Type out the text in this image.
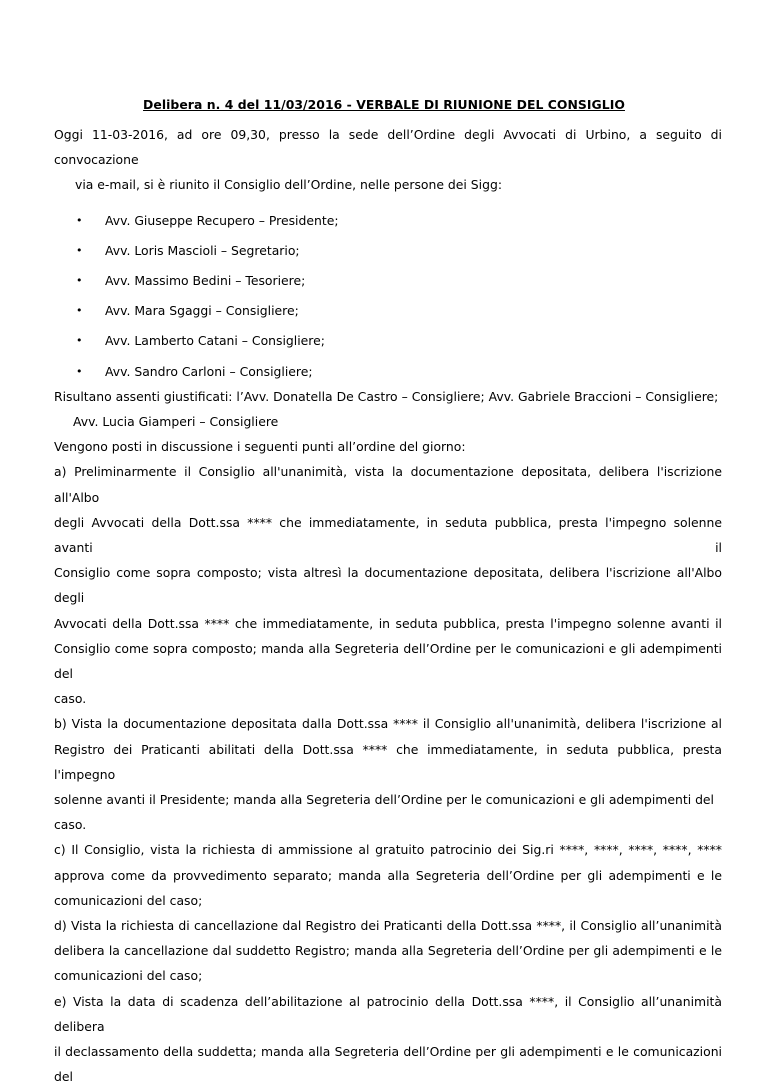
Delibera n. 4 del 11/03/2016 - VERBALE DI RIUNIONE DEL CONSIGLIO
Oggi 11-03-2016, ad ore 09,30, presso la sede dell’Ordine degli Avvocati di Urbino, a seguito di convocazione
via e-mail, si è riunito il Consiglio dell’Ordine, nelle persone dei Sigg:
• Avv. Giuseppe Recupero – Presidente;
• Avv. Loris Mascioli – Segretario;
• Avv. Massimo Bedini – Tesoriere;
• Avv. Mara Sgaggi – Consigliere;
• Avv. Lamberto Catani – Consigliere;
• Avv. Sandro Carloni – Consigliere;
Risultano assenti giustificati: l’Avv. Donatella De Castro – Consigliere; Avv. Gabriele Braccioni – Consigliere;
Avv. Lucia Giamperi – Consigliere
Vengono posti in discussione i seguenti punti all’ordine del giorno:
a) Preliminarmente il Consiglio all'unanimità, vista la documentazione depositata, delibera l'iscrizione all'Albo
degli Avvocati della Dott.ssa **** che immediatamente, in seduta pubblica, presta l'impegno solenne avanti il
Consiglio come sopra composto; vista altresì la documentazione depositata, delibera l'iscrizione all'Albo degli
Avvocati della Dott.ssa **** che immediatamente, in seduta pubblica, presta l'impegno solenne avanti il
Consiglio come sopra composto; manda alla Segreteria dell’Ordine per le comunicazioni e gli adempimenti del
caso.
b) Vista la documentazione depositata dalla Dott.ssa **** il Consiglio all'unanimità, delibera l'iscrizione al
Registro dei Praticanti abilitati della Dott.ssa **** che immediatamente, in seduta pubblica, presta l'impegno
solenne avanti il Presidente; manda alla Segreteria dell’Ordine per le comunicazioni e gli adempimenti del caso.
c) Il Consiglio, vista la richiesta di ammissione al gratuito patrocinio dei Sig.ri ****, ****, ****, ****, ****
approva come da provvedimento separato; manda alla Segreteria dell’Ordine per gli adempimenti e le
comunicazioni del caso;
d) Vista la richiesta di cancellazione dal Registro dei Praticanti della Dott.ssa ****, il Consiglio all’unanimità
delibera la cancellazione dal suddetto Registro; manda alla Segreteria dell’Ordine per gli adempimenti e le
comunicazioni del caso;
e) Vista la data di scadenza dell’abilitazione al patrocinio della Dott.ssa ****, il Consiglio all’unanimità delibera
il declassamento della suddetta; manda alla Segreteria dell’Ordine per gli adempimenti e le comunicazioni del
